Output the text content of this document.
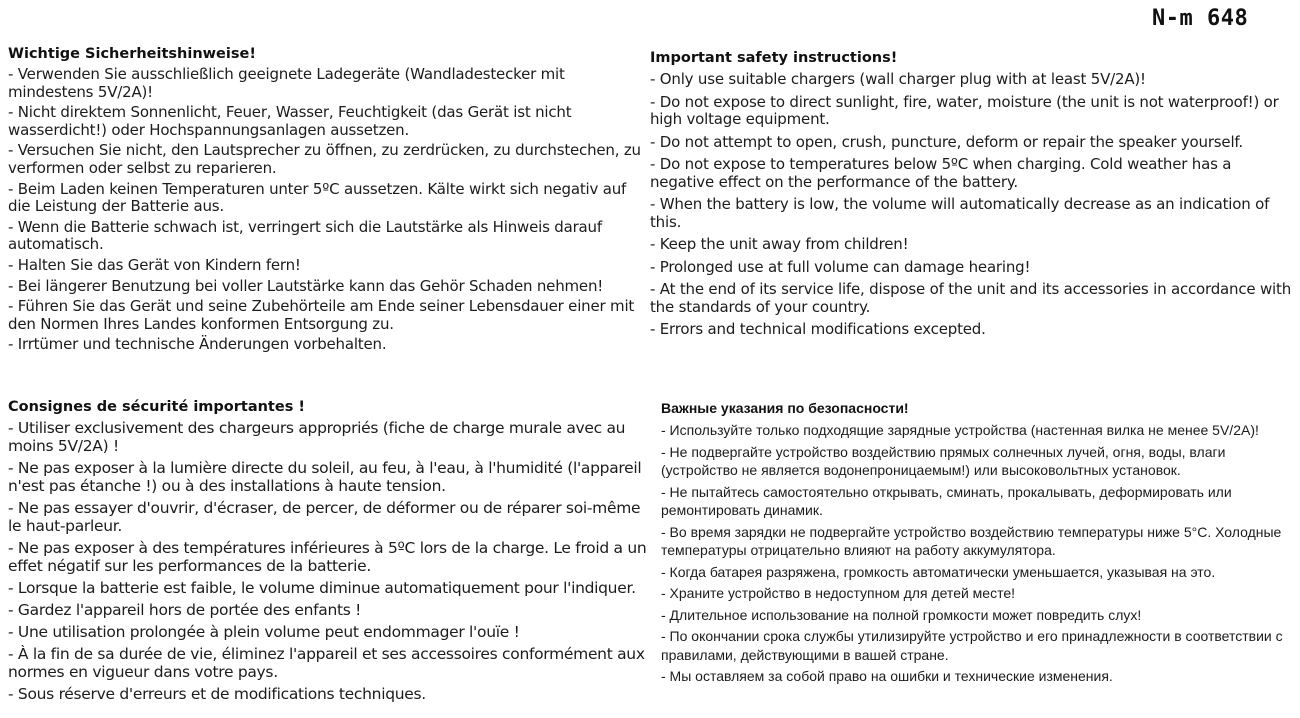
N-m 648
Wichtige Sicherheitshinweise!
- Verwenden Sie ausschließlich geeignete Ladegeräte (Wandladestecker mit mindestens 5V/2A)!
- Nicht direktem Sonnenlicht, Feuer, Wasser, Feuchtigkeit (das Gerät ist nicht wasserdicht!) oder Hochspannungsanlagen aussetzen.
- Versuchen Sie nicht, den Lautsprecher zu öffnen, zu zerdrücken, zu durchstechen, zu verformen oder selbst zu reparieren.
- Beim Laden keinen Temperaturen unter 5ºC aussetzen. Kälte wirkt sich negativ auf die Leistung der Batterie aus.
- Wenn die Batterie schwach ist, verringert sich die Lautstärke als Hinweis darauf automatisch.
- Halten Sie das Gerät von Kindern fern!
- Bei längerer Benutzung bei voller Lautstärke kann das Gehör Schaden nehmen!
- Führen Sie das Gerät und seine Zubehörteile am Ende seiner Lebensdauer einer mit den Normen Ihres Landes konformen Entsorgung zu.
- Irrtümer und technische Änderungen vorbehalten.
Important safety instructions!
- Only use suitable chargers (wall charger plug with at least 5V/2A)!
- Do not expose to direct sunlight, fire, water, moisture (the unit is not waterproof!) or high voltage equipment.
- Do not attempt to open, crush, puncture, deform or repair the speaker yourself.
- Do not expose to temperatures below 5ºC when charging. Cold weather has a negative effect on the performance of the battery.
- When the battery is low, the volume will automatically decrease as an indication of this.
- Keep the unit away from children!
- Prolonged use at full volume can damage hearing!
- At the end of its service life, dispose of the unit and its accessories in accordance with the standards of your country.
- Errors and technical modifications excepted.
Consignes de sécurité importantes !
- Utiliser exclusivement des chargeurs appropriés (fiche de charge murale avec au moins 5V/2A) !
- Ne pas exposer à la lumière directe du soleil, au feu, à l'eau, à l'humidité (l'appareil n'est pas étanche !) ou à des installations à haute tension.
- Ne pas essayer d'ouvrir, d'écraser, de percer, de déformer ou de réparer soi-même le haut-parleur.
- Ne pas exposer à des températures inférieures à 5ºC lors de la charge. Le froid a un effet négatif sur les performances de la batterie.
- Lorsque la batterie est faible, le volume diminue automatiquement pour l'indiquer.
- Gardez l'appareil hors de portée des enfants !
- Une utilisation prolongée à plein volume peut endommager l'ouïe !
- À la fin de sa durée de vie, éliminez l'appareil et ses accessoires conformément aux normes en vigueur dans votre pays.
- Sous réserve d'erreurs et de modifications techniques.
Важные указания по безопасности!
- Используйте только подходящие зарядные устройства (настенная вилка не менее 5V/2A)!
- Не подвергайте устройство воздействию прямых солнечных лучей, огня, воды, влаги (устройство не является водонепроницаемым!) или высоковольтных установок.
- Не пытайтесь самостоятельно открывать, сминать, прокалывать, деформировать или ремонтировать динамик.
- Во время зарядки не подвергайте устройство воздействию температуры ниже 5°С. Холодные температуры отрицательно влияют на работу аккумулятора.
- Когда батарея разряжена, громкость автоматически уменьшается, указывая на это.
- Храните устройство в недоступном для детей месте!
- Длительное использование на полной громкости может повредить слух!
- По окончании срока службы утилизируйте устройство и его принадлежности в соответствии с правилами, действующими в вашей стране.
- Мы оставляем за собой право на ошибки и технические изменения.
